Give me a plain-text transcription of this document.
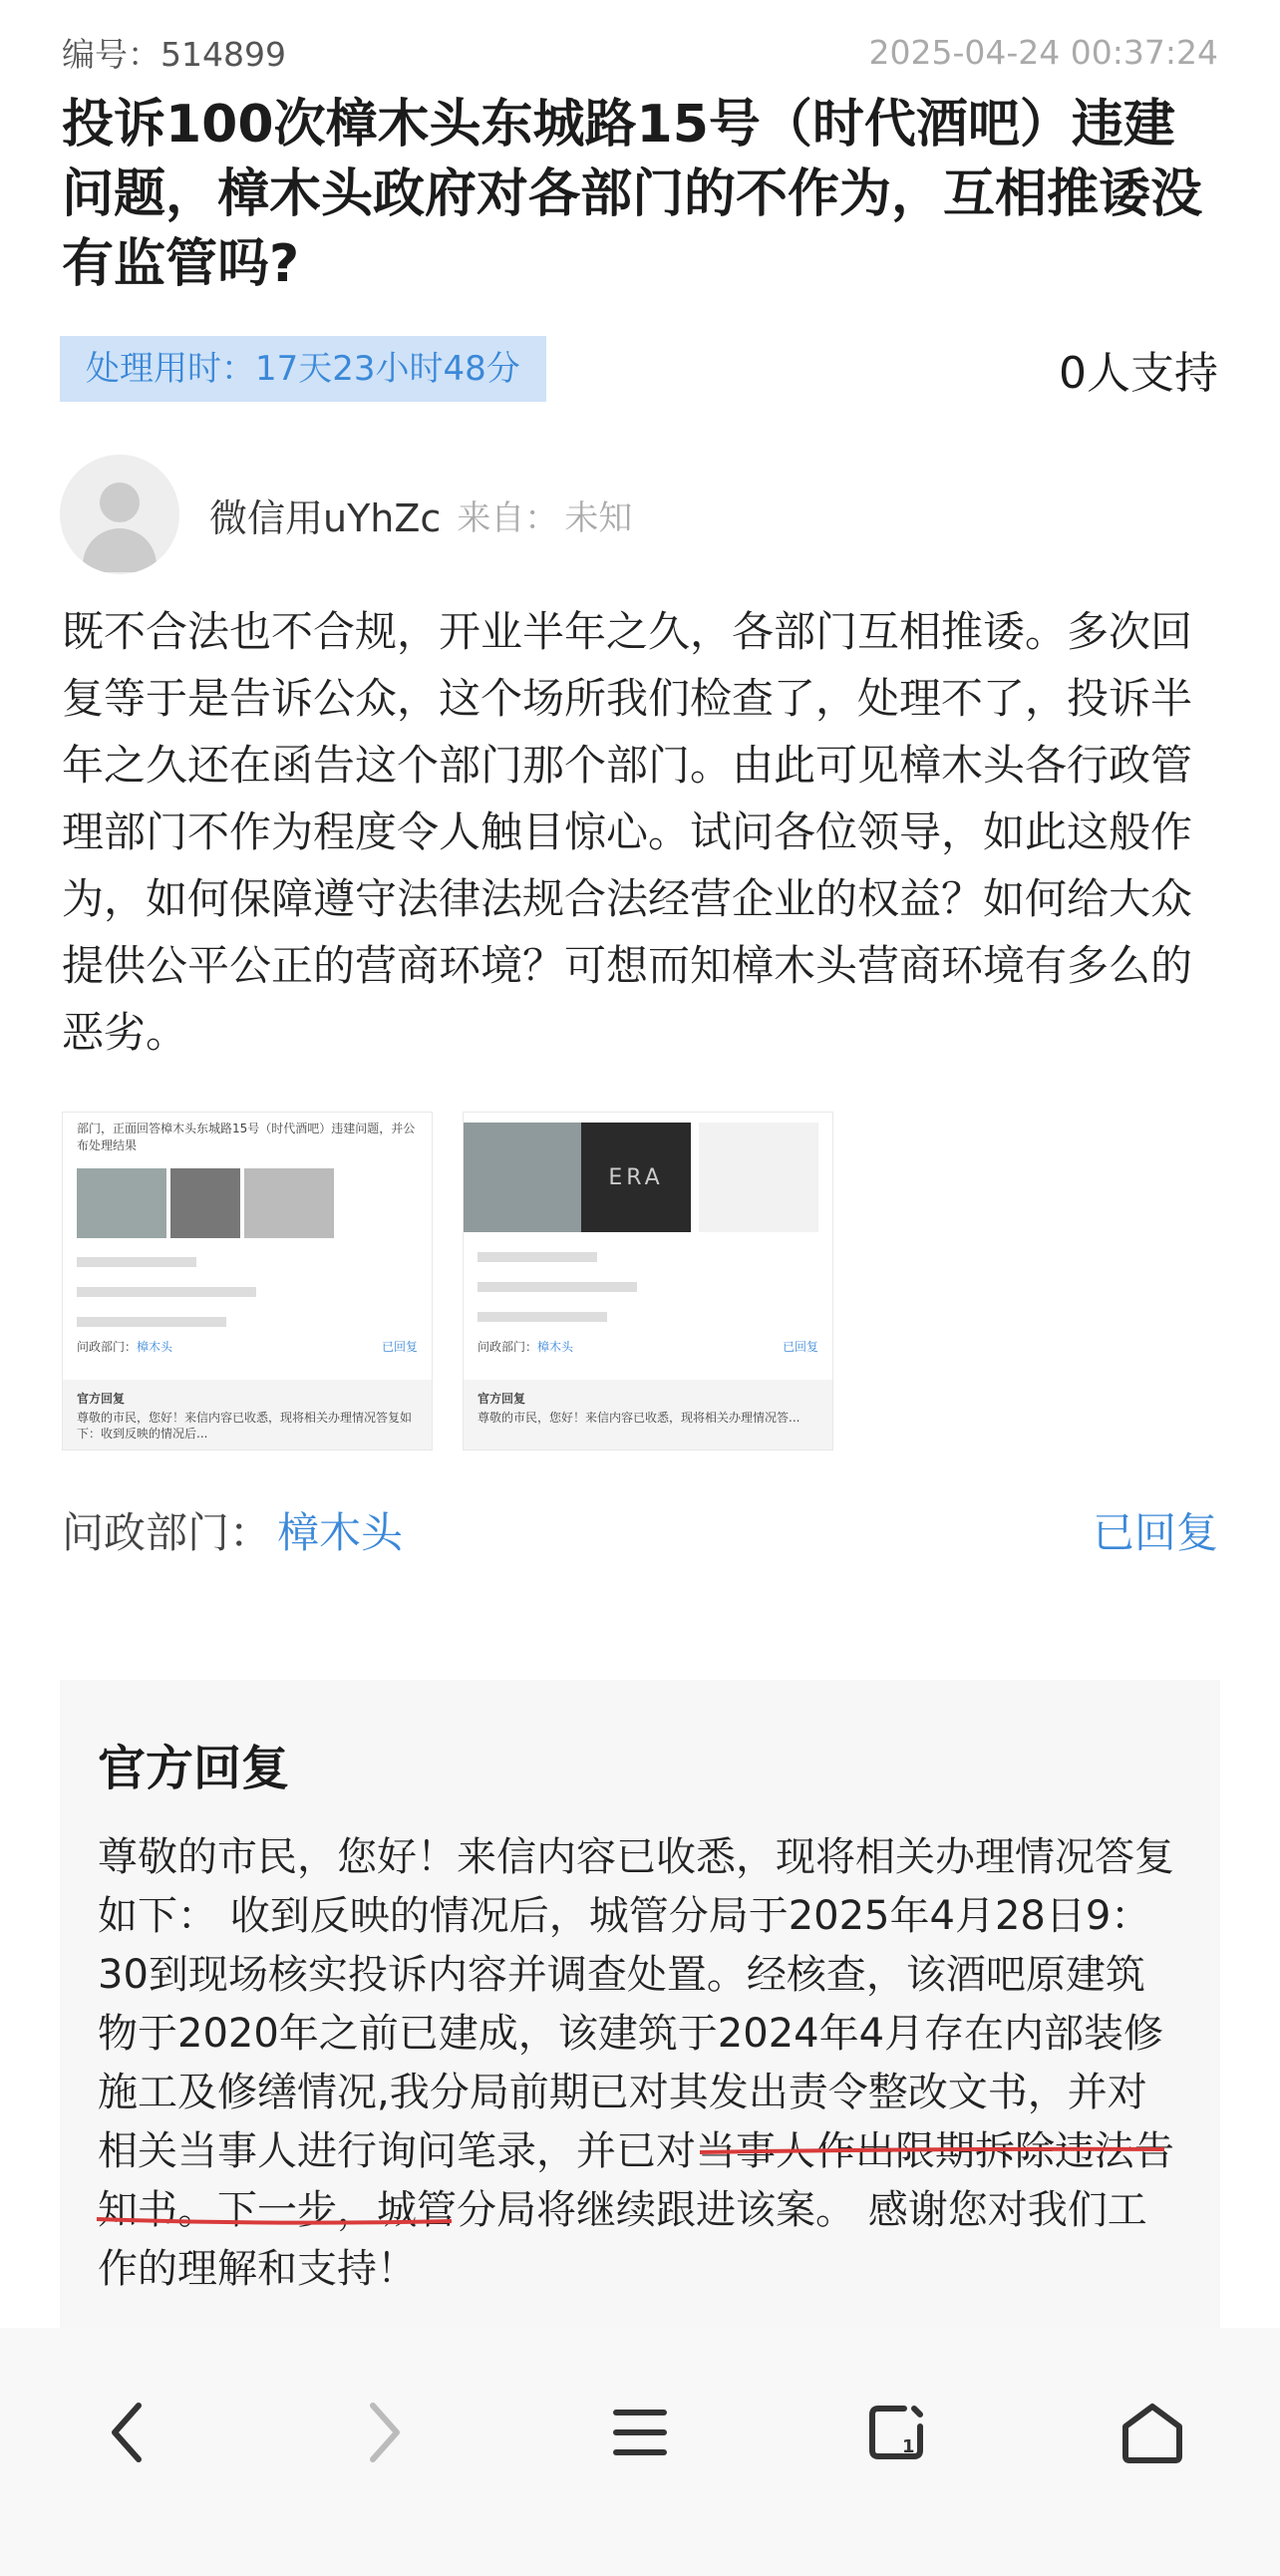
编号：514899	2025-04-24 00:37:24
投诉100次樟木头东城路15号（时代酒吧）违建问题，樟木头政府对各部门的不作为，互相推诿没有监管吗?
处理用时：17天23小时48分	0人支持
微信用uYhZc 来自： 未知
既不合法也不合规，开业半年之久，各部门互相推诿。多次回复等于是告诉公众，这个场所我们检查了，处理不了，投诉半年之久还在函告这个部门那个部门。由此可见樟木头各行政管理部门不作为程度令人触目惊心。试问各位领导，如此这般作为，如何保障遵守法律法规合法经营企业的权益？如何给大众提供公平公正的营商环境？可想而知樟木头营商环境有多么的恶劣。
部门，正面回答樟木头东城路15号（时代酒吧）违建问题，并公布处理结果
问政部门：樟木头	已回复
官方回复
尊敬的市民，您好！来信内容已收悉，现将相关办理情况答复如下：收到反映的情况后...
ERA
问政部门：樟木头	已回复
官方回复
尊敬的市民，您好！来信内容已收悉，现将相关办理情况答...
问政部门： 樟木头	已回复
官方回复
尊敬的市民，您好！来信内容已收悉，现将相关办理情况答复如下： 收到反映的情况后，城管分局于2025年4月28日9：30到现场核实投诉内容并调查处置。经核查，该酒吧原建筑物于2020年之前已建成，该建筑于2024年4月存在内部装修施工及修缮情况,我分局前期已对其发出责令整改文书，并对相关当事人进行询问笔录，并已对当事人作出限期拆除违法告知书。下一步，城管分局将继续跟进该案。 感谢您对我们工作的理解和支持！
1
